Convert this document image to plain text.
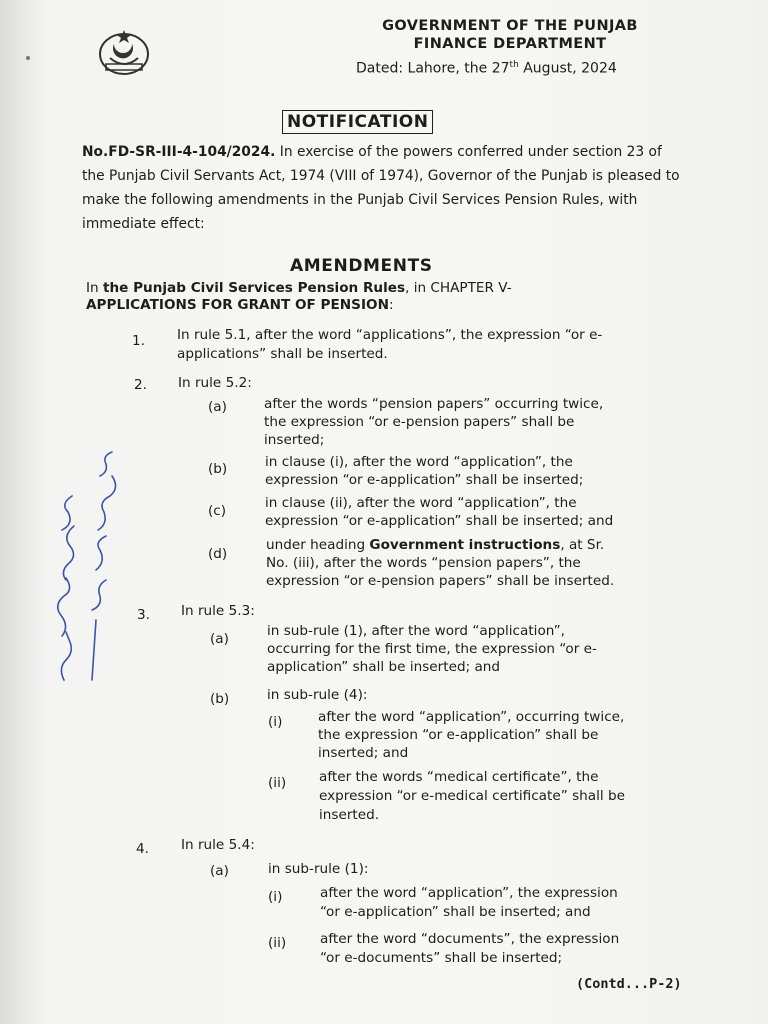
GOVERNMENT OF THE PUNJAB
FINANCE DEPARTMENT
Dated: Lahore, the 27th August, 2024
NOTIFICATION
No.FD-SR-III-4-104/2024. In exercise of the powers conferred under section 23 of the Punjab Civil Servants Act, 1974 (VIII of 1974), Governor of the Punjab is pleased to make the following amendments in the Punjab Civil Services Pension Rules, with immediate effect:
AMENDMENTS
In the Punjab Civil Services Pension Rules, in CHAPTER V-
APPLICATIONS FOR GRANT OF PENSION:
1.	In rule 5.1, after the word “applications”, the expression “or e-
applications” shall be inserted.
2.	In rule 5.2:
(a)	after the words “pension papers” occurring twice,
the expression “or e-pension papers” shall be
inserted;
(b)	in clause (i), after the word “application”, the
expression “or e-application” shall be inserted;
(c)	in clause (ii), after the word “application”, the
expression “or e-application” shall be inserted; and
(d)
under heading Government instructions, at Sr.
No. (iii), after the words “pension papers”, the
expression “or e-pension papers” shall be inserted.
3.	In rule 5.3:
(a)	in sub-rule (1), after the word “application”,
occurring for the first time, the expression “or e-
application” shall be inserted; and
(b)	in sub-rule (4):
(i)	after the word “application”, occurring twice,
the expression “or e-application” shall be
inserted; and
(ii) after the words “medical certificate”, the
expression “or e-medical certificate” shall be
inserted.
4.	In rule 5.4:
(a)	in sub-rule (1):
(i)	after the word “application”, the expression
“or e-application” shall be inserted; and
(ii) after the word “documents”, the expression
“or e-documents” shall be inserted;
(Contd...P-2)
